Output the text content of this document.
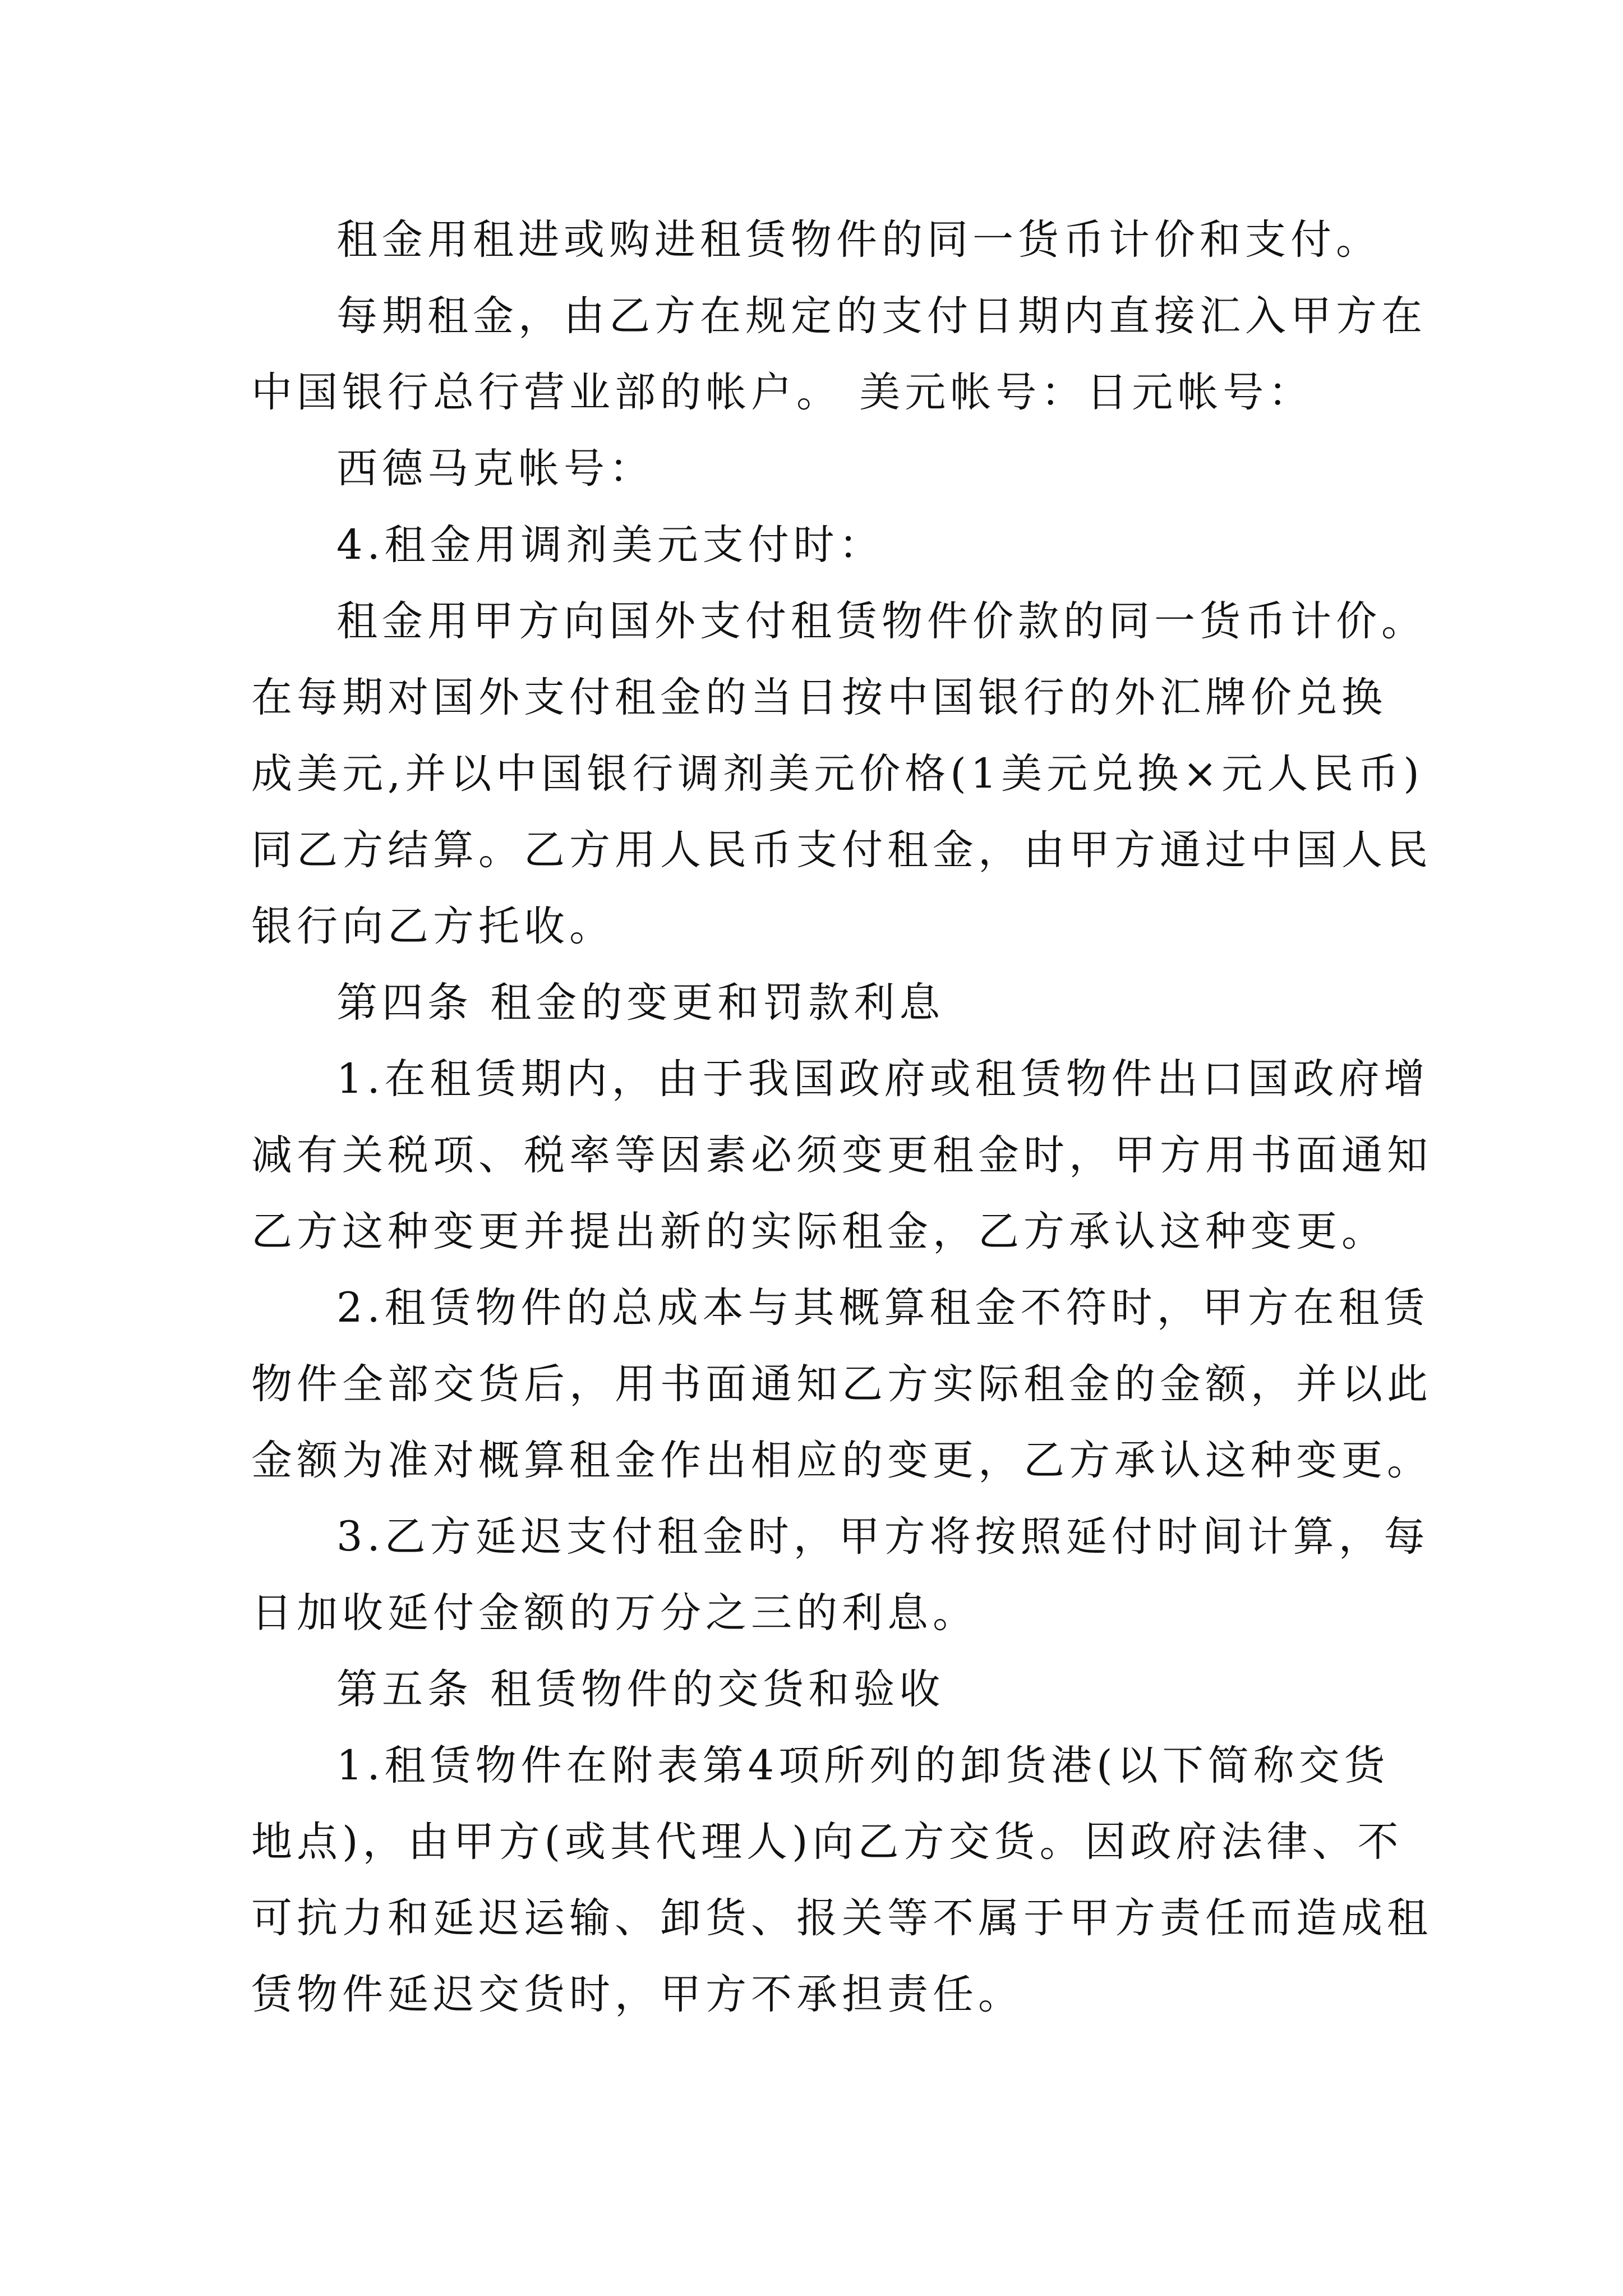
租金用租进或购进租赁物件的同一货币计价和支付。
每期租金，由乙方在规定的支付日期内直接汇入甲方在
中国银行总行营业部的帐户。 美元帐号：日元帐号：
西德马克帐号：
4.租金用调剂美元支付时：
租金用甲方向国外支付租赁物件价款的同一货币计价。
在每期对国外支付租金的当日按中国银行的外汇牌价兑换
成美元,并以中国银行调剂美元价格(1美元兑换×元人民币)
同乙方结算。乙方用人民币支付租金，由甲方通过中国人民
银行向乙方托收。
第四条 租金的变更和罚款利息
1.在租赁期内，由于我国政府或租赁物件出口国政府增
减有关税项、税率等因素必须变更租金时，甲方用书面通知
乙方这种变更并提出新的实际租金，乙方承认这种变更。
2.租赁物件的总成本与其概算租金不符时，甲方在租赁
物件全部交货后，用书面通知乙方实际租金的金额，并以此
金额为准对概算租金作出相应的变更，乙方承认这种变更。
3.乙方延迟支付租金时，甲方将按照延付时间计算，每
日加收延付金额的万分之三的利息。
第五条 租赁物件的交货和验收
1.租赁物件在附表第4项所列的卸货港(以下简称交货
地点)，由甲方(或其代理人)向乙方交货。因政府法律、不
可抗力和延迟运输、卸货、报关等不属于甲方责任而造成租
赁物件延迟交货时，甲方不承担责任。
